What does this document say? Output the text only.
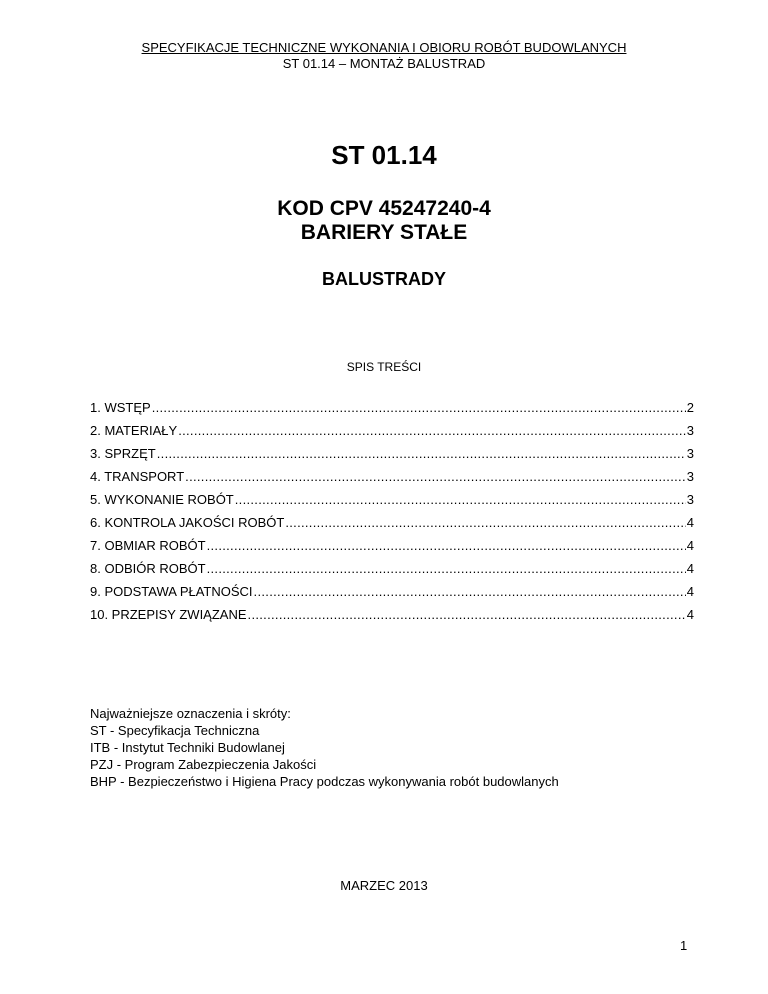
SPECYFIKACJE TECHNICZNE WYKONANIA I OBIORU ROBÓT BUDOWLANYCH
ST 01.14 – MONTAŻ BALUSTRAD
ST 01.14
KOD CPV 45247240-4
BARIERY STAŁE
BALUSTRADY
SPIS TREŚCI
1. WSTĘP .....	2
2. MATERIAŁY .....	3
3. SPRZĘT .....	3
4. TRANSPORT .....	3
5. WYKONANIE ROBÓT .....	3
6. KONTROLA JAKOŚCI ROBÓT .....	4
7. OBMIAR ROBÓT .....	4
8. ODBIÓR ROBÓT .....	4
9. PODSTAWA PŁATNOŚCI .....	4
10. PRZEPISY ZWIĄZANE .....	4
Najważniejsze oznaczenia i skróty:
ST - Specyfikacja Techniczna
ITB - Instytut Techniki Budowlanej
PZJ - Program Zabezpieczenia Jakości
BHP - Bezpieczeństwo i Higiena Pracy podczas wykonywania robót budowlanych
MARZEC 2013
1
